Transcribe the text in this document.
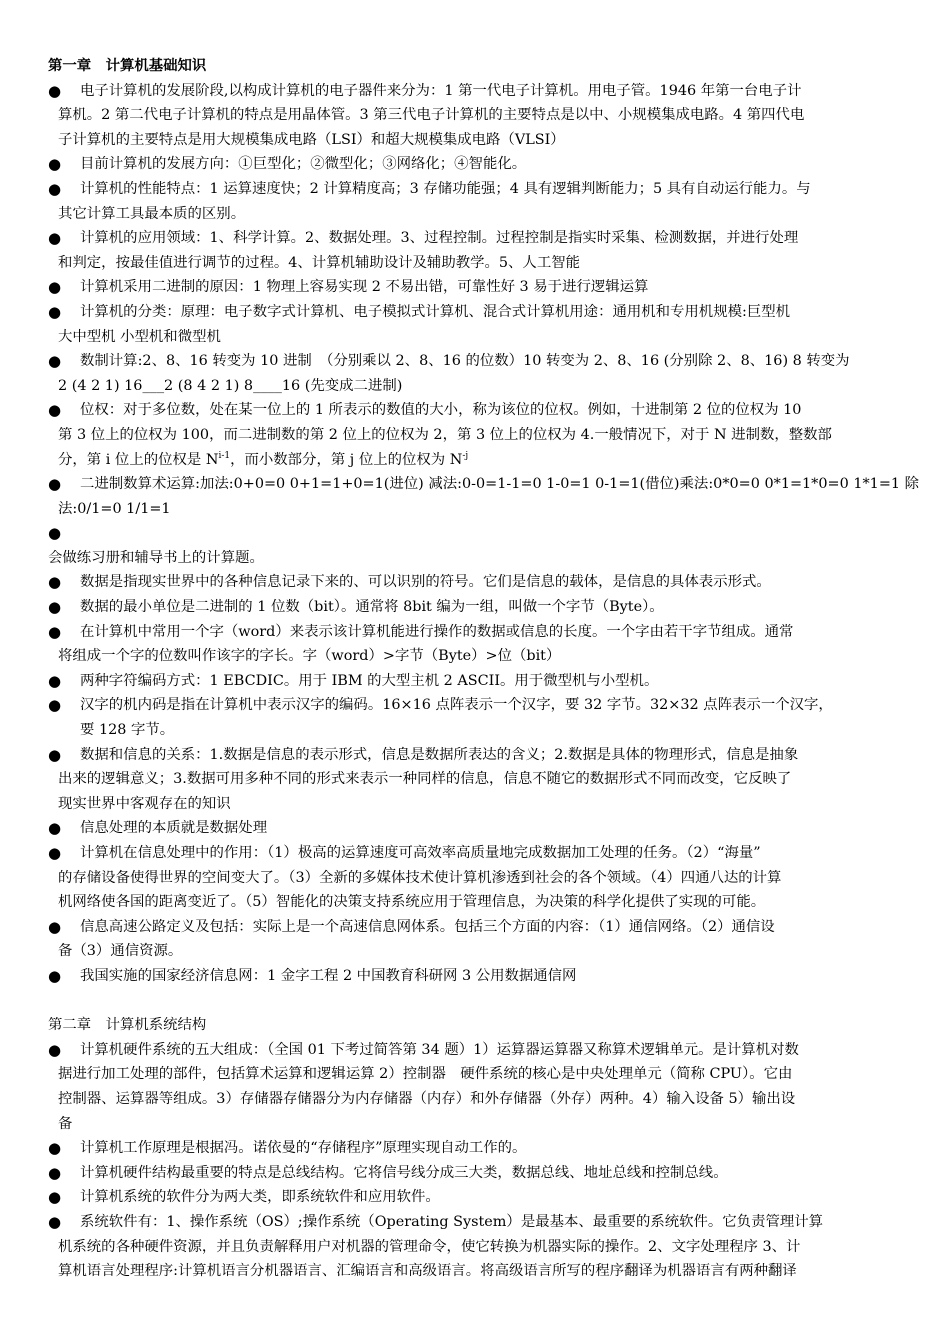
第一章　计算机基础知识

●	电子计算机的发展阶段,以构成计算机的电子器件来分为：1 第一代电子计算机。用电子管。1946 年第一台电子计
算机。2 第二代电子计算机的特点是用晶体管。3 第三代电子计算机的主要特点是以中、小规模集成电路。4 第四代电
子计算机的主要特点是用大规模集成电路（LSI）和超大规模集成电路（VLSI）
●	目前计算机的发展方向：①巨型化；②微型化；③网络化；④智能化。
●	计算机的性能特点：1 运算速度快；2 计算精度高；3 存储功能强；4 具有逻辑判断能力；5 具有自动运行能力。与
其它计算工具最本质的区别。
●	计算机的应用领域：1、科学计算。2、数据处理。3、过程控制。过程控制是指实时采集、检测数据，并进行处理
和判定，按最佳值进行调节的过程。4、计算机辅助设计及辅助教学。5、人工智能
●	计算机采用二进制的原因：1 物理上容易实现 2 不易出错，可靠性好 3 易于进行逻辑运算
●	计算机的分类：原理：电子数字式计算机、电子模拟式计算机、混合式计算机用途：通用机和专用机规模:巨型机
大中型机 小型机和微型机
●	数制计算:2、8、16 转变为 10 进制　（分别乘以 2、8、16 的位数）10 转变为 2、8、16 (分别除 2、8、16) 8 转变为
2 (4 2 1) 16___2 (8 4 2 1) 8____16 (先变成二进制)
●	位权：对于多位数，处在某一位上的 1 所表示的数值的大小，称为该位的位权。例如，十进制第 2 位的位权为 10
第 3 位上的位权为 100，而二进制数的第 2 位上的位权为 2，第 3 位上的位权为 4.一般情况下，对于 N 进制数，整数部
分，第 i 位上的位权是 $N^{i-1}$，而小数部分，第 j 位上的位权为 $N^{-j}$
●	二进制数算术运算:加法:0+0=0 0+1=1+0=1(进位) 减法:0-0=1-1=0 1-0=1 0-1=1(借位)乘法:0*0=0 0*1=1*0=0 1*1=1 除
法:0/1=0 1/1=1
●

会做练习册和辅导书上的计算题。

●	数据是指现实世界中的各种信息记录下来的、可以识别的符号。它们是信息的载体，是信息的具体表示形式。
●	数据的最小单位是二进制的 1 位数（bit）。通常将 8bit 编为一组，叫做一个字节（Byte）。
●	在计算机中常用一个字（word）来表示该计算机能进行操作的数据或信息的长度。一个字由若干字节组成。通常
将组成一个字的位数叫作该字的字长。字（word）>字节（Byte）>位（bit）
●	两种字符编码方式：1 EBCDIC。用于 IBM 的大型主机 2 ASCII。用于微型机与小型机。
●	汉字的机内码是指在计算机中表示汉字的编码。16×16 点阵表示一个汉字，要 32 字节。32×32 点阵表示一个汉字，
要 128 字节。
●	数据和信息的关系：1.数据是信息的表示形式，信息是数据所表达的含义；2.数据是具体的物理形式，信息是抽象
出来的逻辑意义；3.数据可用多种不同的形式来表示一种同样的信息，信息不随它的数据形式不同而改变，它反映了
现实世界中客观存在的知识
●	信息处理的本质就是数据处理
●	计算机在信息处理中的作用：（1）极高的运算速度可高效率高质量地完成数据加工处理的任务。（2）“海量”
的存储设备使得世界的空间变大了。（3）全新的多媒体技术使计算机渗透到社会的各个领域。（4）四通八达的计算
机网络使各国的距离变近了。（5）智能化的决策支持系统应用于管理信息，为决策的科学化提供了实现的可能。
●	信息高速公路定义及包括：实际上是一个高速信息网体系。包括三个方面的内容：（1）通信网络。（2）通信设
备（3）通信资源。
●	我国实施的国家经济信息网：1 金字工程 2 中国教育科研网 3 公用数据通信网

第二章　计算机系统结构

●	计算机硬件系统的五大组成：（全国 01 下考过简答第 34 题）1）运算器运算器又称算术逻辑单元。是计算机对数
据进行加工处理的部件，包括算术运算和逻辑运算 2）控制器　硬件系统的核心是中央处理单元（简称 CPU）。它由
控制器、运算器等组成。3）存储器存储器分为内存储器（内存）和外存储器（外存）两种。4）输入设备 5）输出设
备
●	计算机工作原理是根据冯。诺依曼的“存储程序”原理实现自动工作的。
●	计算机硬件结构最重要的特点是总线结构。它将信号线分成三大类，数据总线、地址总线和控制总线。
●	计算机系统的软件分为两大类，即系统软件和应用软件。
●	系统软件有：1、操作系统（OS）;操作系统（Operating System）是最基本、最重要的系统软件。它负责管理计算
机系统的各种硬件资源，并且负责解释用户对机器的管理命令，使它转换为机器实际的操作。2、文字处理程序 3、计
算机语言处理程序:计算机语言分机器语言、汇编语言和高级语言。将高级语言所写的程序翻译为机器语言有两种翻译
